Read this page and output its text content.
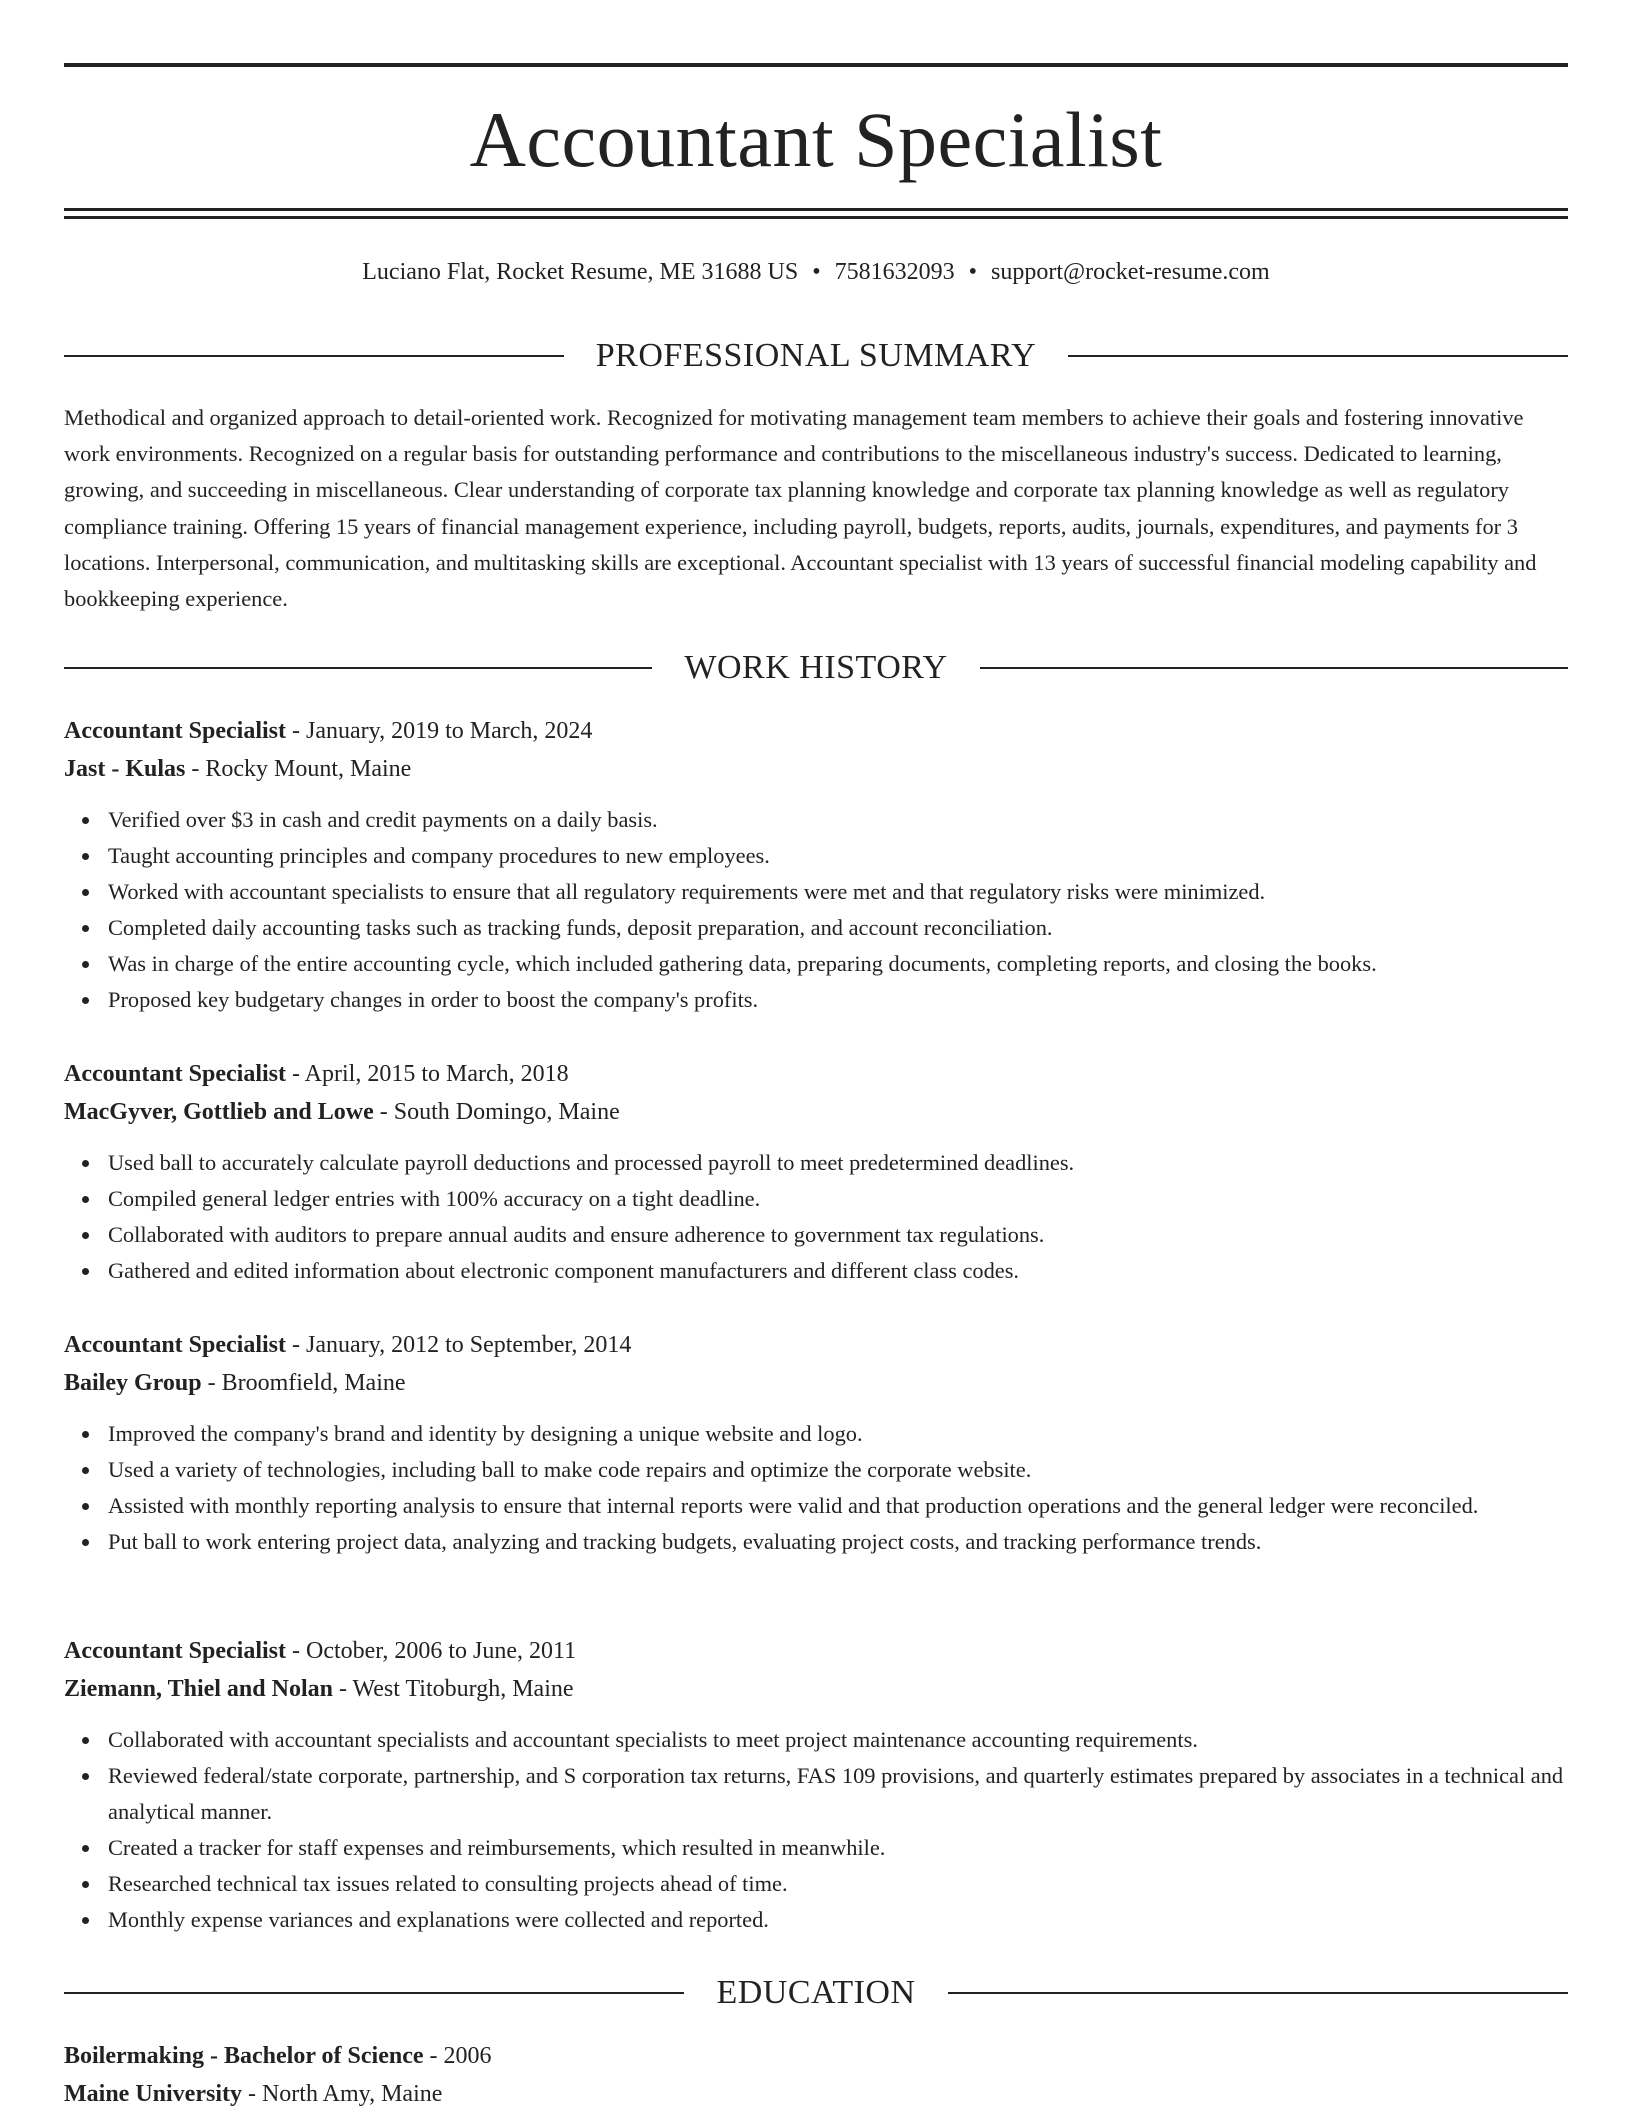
Accountant Specialist
Luciano Flat, Rocket Resume, ME 31688 US • 7581632093 • support@rocket-resume.com
PROFESSIONAL SUMMARY

Methodical and organized approach to detail-oriented work. Recognized for motivating management team members to achieve their goals and fostering innovative work environments. Recognized on a regular basis for outstanding performance and contributions to the miscellaneous industry's success. Dedicated to learning, growing, and succeeding in miscellaneous. Clear understanding of corporate tax planning knowledge and corporate tax planning knowledge as well as regulatory compliance training. Offering 15 years of financial management experience, including payroll, budgets, reports, audits, journals, expenditures, and payments for 3 locations. Interpersonal, communication, and multitasking skills are exceptional. Accountant specialist with 13 years of successful financial modeling capability and bookkeeping experience.

WORK HISTORY
Accountant Specialist - January, 2019 to March, 2024
Jast - Kulas - Rocky Mount, Maine
Verified over $3 in cash and credit payments on a daily basis.
Taught accounting principles and company procedures to new employees.
Worked with accountant specialists to ensure that all regulatory requirements were met and that regulatory risks were minimized.
Completed daily accounting tasks such as tracking funds, deposit preparation, and account reconciliation.
Was in charge of the entire accounting cycle, which included gathering data, preparing documents, completing reports, and closing the books.
Proposed key budgetary changes in order to boost the company's profits.
Accountant Specialist - April, 2015 to March, 2018
MacGyver, Gottlieb and Lowe - South Domingo, Maine
Used ball to accurately calculate payroll deductions and processed payroll to meet predetermined deadlines.
Compiled general ledger entries with 100% accuracy on a tight deadline.
Collaborated with auditors to prepare annual audits and ensure adherence to government tax regulations.
Gathered and edited information about electronic component manufacturers and different class codes.
Accountant Specialist - January, 2012 to September, 2014
Bailey Group - Broomfield, Maine
Improved the company's brand and identity by designing a unique website and logo.
Used a variety of technologies, including ball to make code repairs and optimize the corporate website.
Assisted with monthly reporting analysis to ensure that internal reports were valid and that production operations and the general ledger were reconciled.
Put ball to work entering project data, analyzing and tracking budgets, evaluating project costs, and tracking performance trends.
Accountant Specialist - October, 2006 to June, 2011
Ziemann, Thiel and Nolan - West Titoburgh, Maine
Collaborated with accountant specialists and accountant specialists to meet project maintenance accounting requirements.
Reviewed federal/state corporate, partnership, and S corporation tax returns, FAS 109 provisions, and quarterly estimates prepared by associates in a technical and analytical manner.
Created a tracker for staff expenses and reimbursements, which resulted in meanwhile.
Researched technical tax issues related to consulting projects ahead of time.
Monthly expense variances and explanations were collected and reported.
EDUCATION
Boilermaking - Bachelor of Science - 2006
Maine University - North Amy, Maine
